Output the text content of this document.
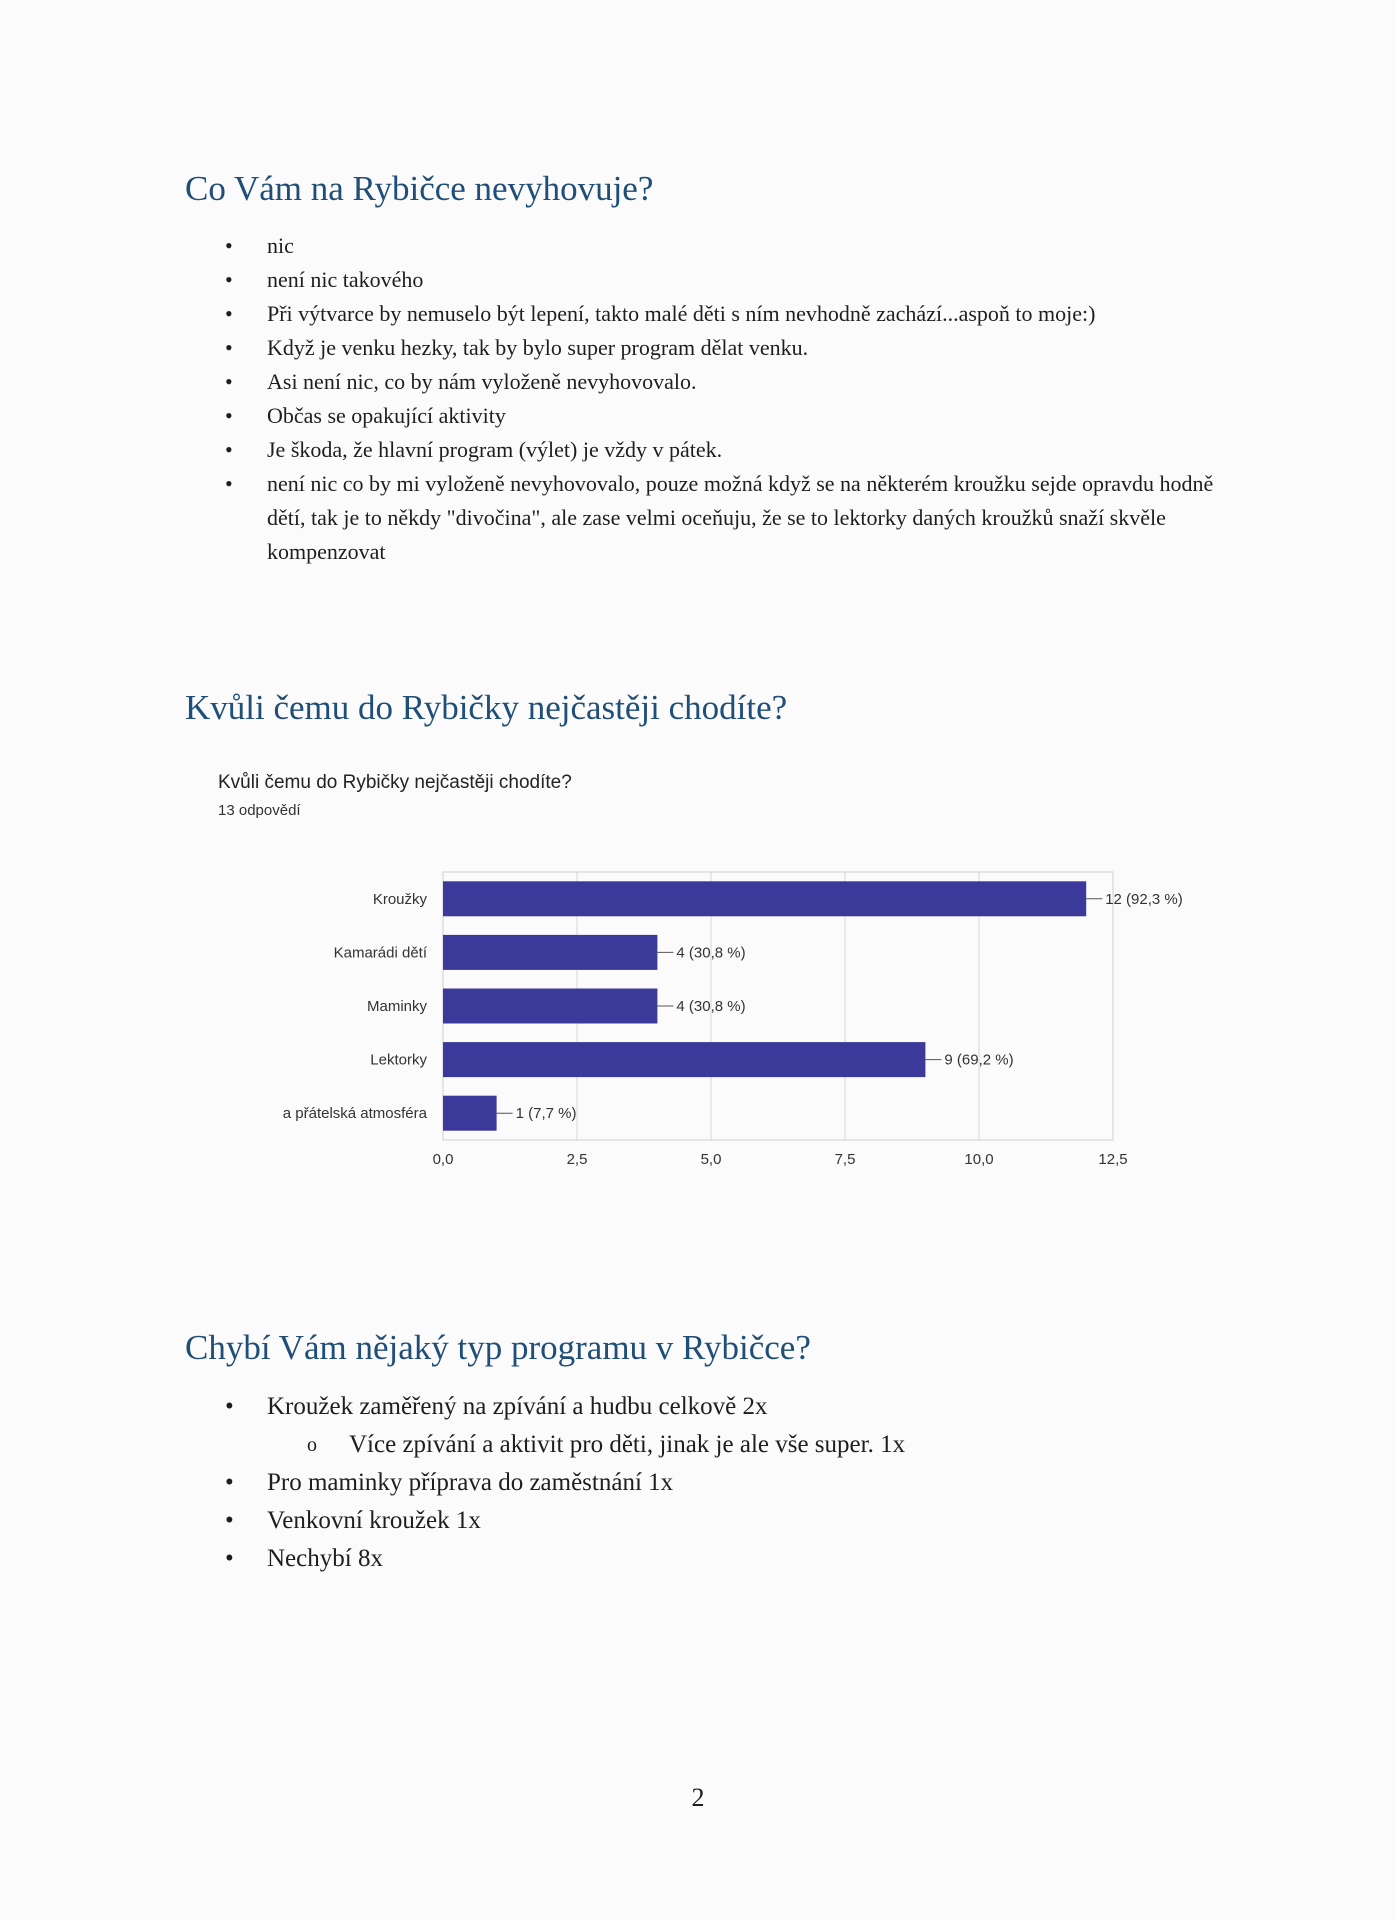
Co Vám na Rybičce nevyhovuje?
• nic
• není nic takového
• Při výtvarce by nemuselo být lepení, takto malé děti s ním nevhodně zachází...aspoň to moje:)
• Když je venku hezky, tak by bylo super program dělat venku.
• Asi není nic, co by nám vyloženě nevyhovovalo.
• Občas se opakující aktivity
• Je škoda, že hlavní program (výlet) je vždy v pátek.
• není nic co by mi vyloženě nevyhovovalo, pouze možná když se na některém kroužku sejde opravdu hodně dětí, tak je to někdy "divočina", ale zase velmi oceňuju, že se to lektorky daných kroužků snaží skvěle kompenzovat
Kvůli čemu do Rybičky nejčastěji chodíte?
0,0	2,5	5,0	7,5	10,0	12,5
Kroužky	12 (92,3 %)
Kamarádi dětí	4 (30,8 %)
Maminky	4 (30,8 %)
Lektorky	9 (69,2 %)
a přátelská atmosféra	1 (7,7 %)
Kvůli čemu do Rybičky nejčastěji chodíte?
13 odpovědí
Chybí Vám nějaký typ programu v Rybičce?
• Kroužek zaměřený na zpívání a hudbu celkově 2x
o Více zpívání a aktivit pro děti, jinak je ale vše super. 1x
• Pro maminky příprava do zaměstnání 1x
• Venkovní kroužek 1x
• Nechybí 8x
2
